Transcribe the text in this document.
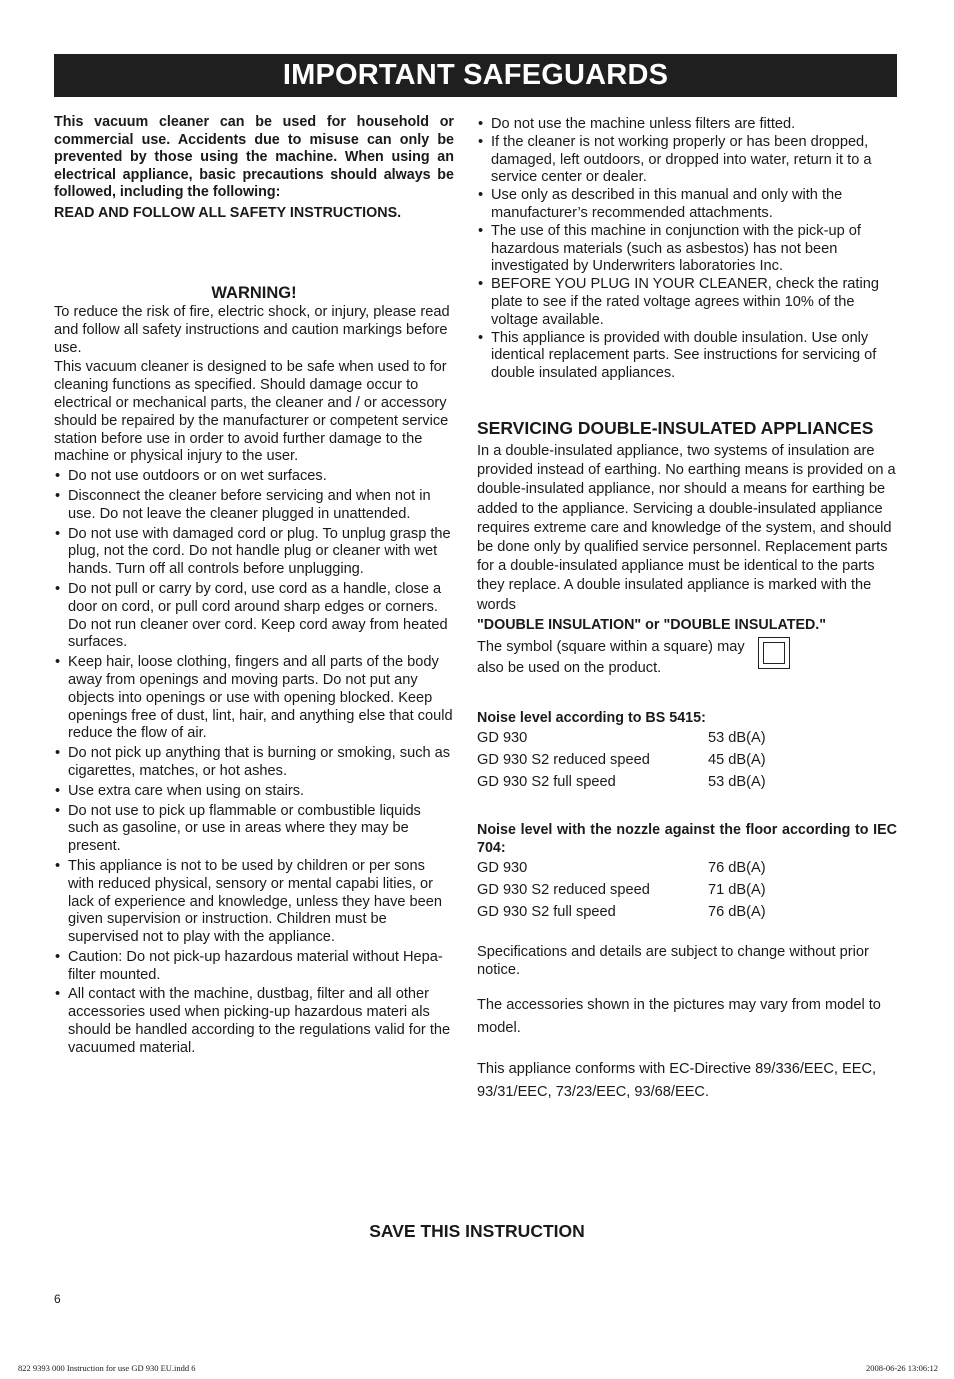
IMPORTANT SAFEGUARDS

This vacuum cleaner can be used for household or commercial use. Accidents due to misuse can only be prevented by those using the machine. When using an electrical appliance, basic precautions should always be followed, including the following:

READ AND FOLLOW ALL SAFETY INSTRUCTIONS.

WARNING!

To reduce the risk of fire, electric shock, or injury, please read and follow all safety instructions and caution markings before use.

This vacuum cleaner is designed to be safe when used to for cleaning functions as specified. Should damage occur to electrical or mechanical parts, the cleaner and / or accessory should be repaired by the manufacturer or competent service station before use in order to avoid further damage to the machine or physical injury to the user.

• Do not use outdoors or on wet surfaces.
• Disconnect the cleaner before servicing and when not in use. Do not leave the cleaner plugged in unattended.
• Do not use with damaged cord or plug. To unplug grasp the plug, not the cord. Do not handle plug or cleaner with wet hands. Turn off all controls before unplugging.
• Do not pull or carry by cord, use cord as a handle, close a door on cord, or pull cord around sharp edges or corners.
Do not run cleaner over cord. Keep cord away from heated surfaces.
• Keep hair, loose clothing, fingers and all parts of the body away from openings and moving parts. Do not put any objects into openings or use with opening blocked. Keep openings free of dust, lint, hair, and anything else that could reduce the flow of air.
• Do not pick up anything that is burning or smoking, such as cigarettes, matches, or hot ashes.
• Use extra care when using on stairs.
• Do not use to pick up flammable or combustible liquids such as gasoline, or use in areas where they may be present.
• This appliance is not to be used by children or per sons with reduced physical, sensory or mental capabi lities, or lack of experience and knowledge, unless they have been given supervision or instruction. Children must be supervised not to play with the appliance.
• Caution: Do not pick-up hazardous material without Hepa-filter mounted.
• All contact with the machine, dustbag, filter and all other accessories used when picking-up hazardous materi als should be handled according to the regulations valid for the vacuumed material.
• Do not use the machine unless filters are fitted.
• If the cleaner is not working properly or has been dropped, damaged, left outdoors, or dropped into water, return it to a service center or dealer.
• Use only as described in this manual and only with the manufacturer’s recommended attachments.
• The use of this machine in conjunction with the pick-up of hazardous materials (such as asbestos) has not been investigated by Underwriters laboratories Inc.
• BEFORE YOU PLUG IN YOUR CLEANER, check the rating plate to see if the rated voltage agrees within 10% of the voltage available.
• This appliance is provided with double insulation. Use only identical replacement parts. See instructions for servicing of double insulated appliances.
SERVICING DOUBLE-INSULATED APPLIANCES

In a double-insulated appliance, two systems of insulation are provided instead of earthing. No earthing means is provided on a double-insulated appliance, nor should a means for earthing be added to the appliance. Servicing a double-insulated appliance requires extreme care and knowledge of the system, and should be done only by qualified service personnel. Replacement parts for a double-insulated appliance must be identical to the parts they replace. A double insulated appliance is marked with the words

"DOUBLE INSULATION" or "DOUBLE INSULATED."

The symbol (square within a square) may also be used on the product.

Noise level according to BS 5415:
GD 930	53 dB(A)
GD 930 S2 reduced speed	45 dB(A)
GD 930 S2 full speed	53 dB(A)
Noise level with the nozzle against the floor according to IEC 704:
GD 930	76 dB(A)
GD 930 S2 reduced speed	71 dB(A)
GD 930 S2 full speed	76 dB(A)

Specifications and details are subject to change without prior notice.

The accessories shown in the pictures may vary from model to model.

This appliance conforms with EC-Directive 89/336/EEC, EEC, 93/31/EEC, 73/23/EEC, 93/68/EEC.

SAVE THIS INSTRUCTION
6
822 9393 000 Instruction for use GD 930 EU.indd 6	2008-06-26 13:06:12
